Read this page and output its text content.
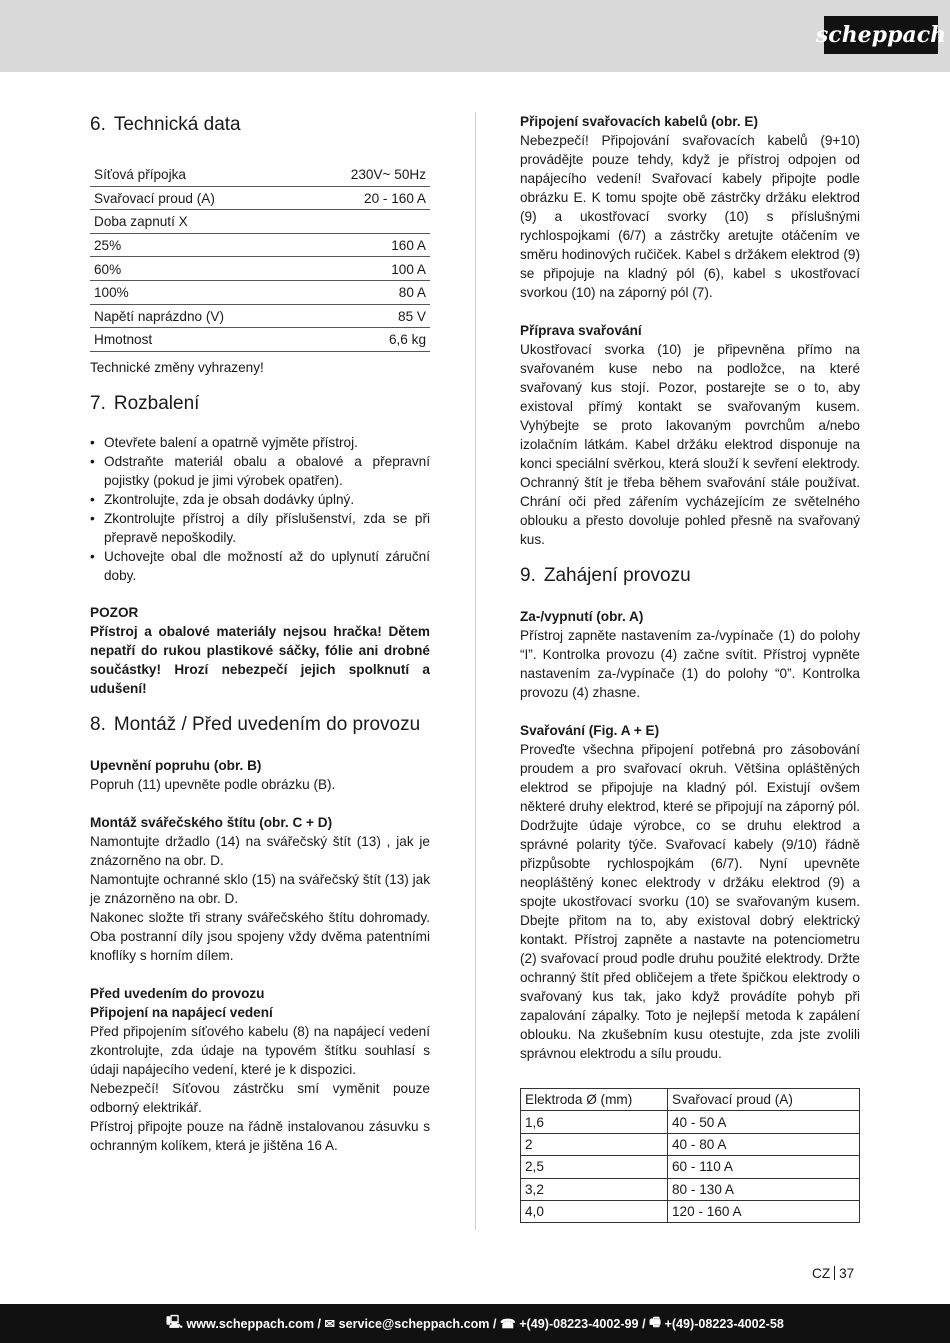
scheppach
6. Technická data
Síťová přípojka	230V~ 50Hz
Svařovací proud (A)	20 - 160 A
Doba zapnutí X	
25%	160 A
60%	100 A
100%	80 A
Napětí naprázdno (V)	85 V
Hmotnost	6,6 kg

Technické změny vyhrazeny!

7. Rozbalení
• Otevřete balení a opatrně vyjměte přístroj.
• Odstraňte materiál obalu a obalové a přepravní pojistky (pokud je jimi výrobek opatřen).
• Zkontrolujte, zda je obsah dodávky úplný.
• Zkontrolujte přístroj a díly příslušenství, zda se při přepravě nepoškodily.
• Uchovejte obal dle možností až do uplynutí záruční doby.

POZOR

Přístroj a obalové materiály nejsou hračka! Dětem nepatří do rukou plastikové sáčky, fólie ani drobné součástky! Hrozí nebezpečí jejich spolknutí a udušení!

8. Montáž / Před uvedením do provozu

Upevnění popruhu (obr. B)

Popruh (11) upevněte podle obrázku (B).

Montáž svářečského štítu (obr. C + D)

Namontujte držadlo (14) na svářečský štít (13) , jak je znázorněno na obr. D.

Namontujte ochranné sklo (15) na svářečský štít (13) jak je znázorněno na obr. D.

Nakonec složte tři strany svářečského štítu dohromady. Oba postranní díly jsou spojeny vždy dvěma patentními knoflíky s horním dílem.

Před uvedením do provozu

Připojení na napájecí vedení

Před připojením síťového kabelu (8) na napájecí vedení zkontrolujte, zda údaje na typovém štítku souhlasí s údaji napájecího vedení, které je k dispozici.

Nebezpečí! Síťovou zástrčku smí vyměnit pouze odborný elektrikář.

Přístroj připojte pouze na řádně instalovanou zásuvku s ochranným kolíkem, která je jištěna 16 A.

Připojení svařovacích kabelů (obr. E)

Nebezpečí! Připojování svařovacích kabelů (9+10) provádějte pouze tehdy, když je přístroj odpojen od napájecího vedení! Svařovací kabely připojte podle obrázku E. K tomu spojte obě zástrčky držáku elektrod (9) a ukostřovací svorky (10) s příslušnými rychlospojkami (6/7) a zástrčky aretujte otáčením ve směru hodinových ručiček. Kabel s držákem elektrod (9) se připojuje na kladný pól (6), kabel s ukostřovací svorkou (10) na záporný pól (7).

Příprava svařování

Ukostřovací svorka (10) je připevněna přímo na svařovaném kuse nebo na podložce, na které svařovaný kus stojí. Pozor, postarejte se o to, aby existoval přímý kontakt se svařovaným kusem. Vyhýbejte se proto lakovaným povrchům a/nebo izolačním látkám. Kabel držáku elektrod disponuje na konci speciální svěrkou, která slouží k sevření elektrody. Ochranný štít je třeba během svařování stále používat. Chrání oči před zářením vycházejícím ze světelného oblouku a přesto dovoluje pohled přesně na svařovaný kus.

9. Zahájení provozu

Za-/vypnutí (obr. A)

Přístroj zapněte nastavením za-/vypínače (1) do polohy “I”. Kontrolka provozu (4) začne svítit. Přístroj vypněte nastavením za-/vypínače (1) do polohy “0”. Kontrolka provozu (4) zhasne.

Svařování (Fig. A + E)

Proveďte všechna připojení potřebná pro zásobování proudem a pro svařovací okruh. Většina opláštěných elektrod se připojuje na kladný pól. Existují ovšem některé druhy elektrod, které se připojují na záporný pól. Dodržujte údaje výrobce, co se druhu elektrod a správné polarity týče. Svařovací kabely (9/10) řádně přizpůsobte rychlospojkám (6/7). Nyní upevněte neopláštěný konec elektrody v držáku elektrod (9) a spojte ukostřovací svorku (10) se svařovaným kusem. Dbejte přitom na to, aby existoval dobrý elektrický kontakt. Přístroj zapněte a nastavte na potenciometru (2) svařovací proud podle druhu použité elektrody. Držte ochranný štít před obličejem a třete špičkou elektrody o svařovaný kus tak, jako když provádíte pohyb při zapalování zápalky. Toto je nejlepší metoda k zapálení oblouku. Na zkušebním kusu otestujte, zda jste zvolili správnou elektrodu a sílu proudu.

Elektroda Ø (mm)	Svařovací proud (A)
1,6	40 - 50 A
2	40 - 80 A
2,5	60 - 110 A
3,2	80 - 130 A
4,0	120 - 160 A
CZ 37
🖳 www.scheppach.com / ✉ service@scheppach.com / ☎ +(49)-08223-4002-99 / 🖷 +(49)-08223-4002-58
